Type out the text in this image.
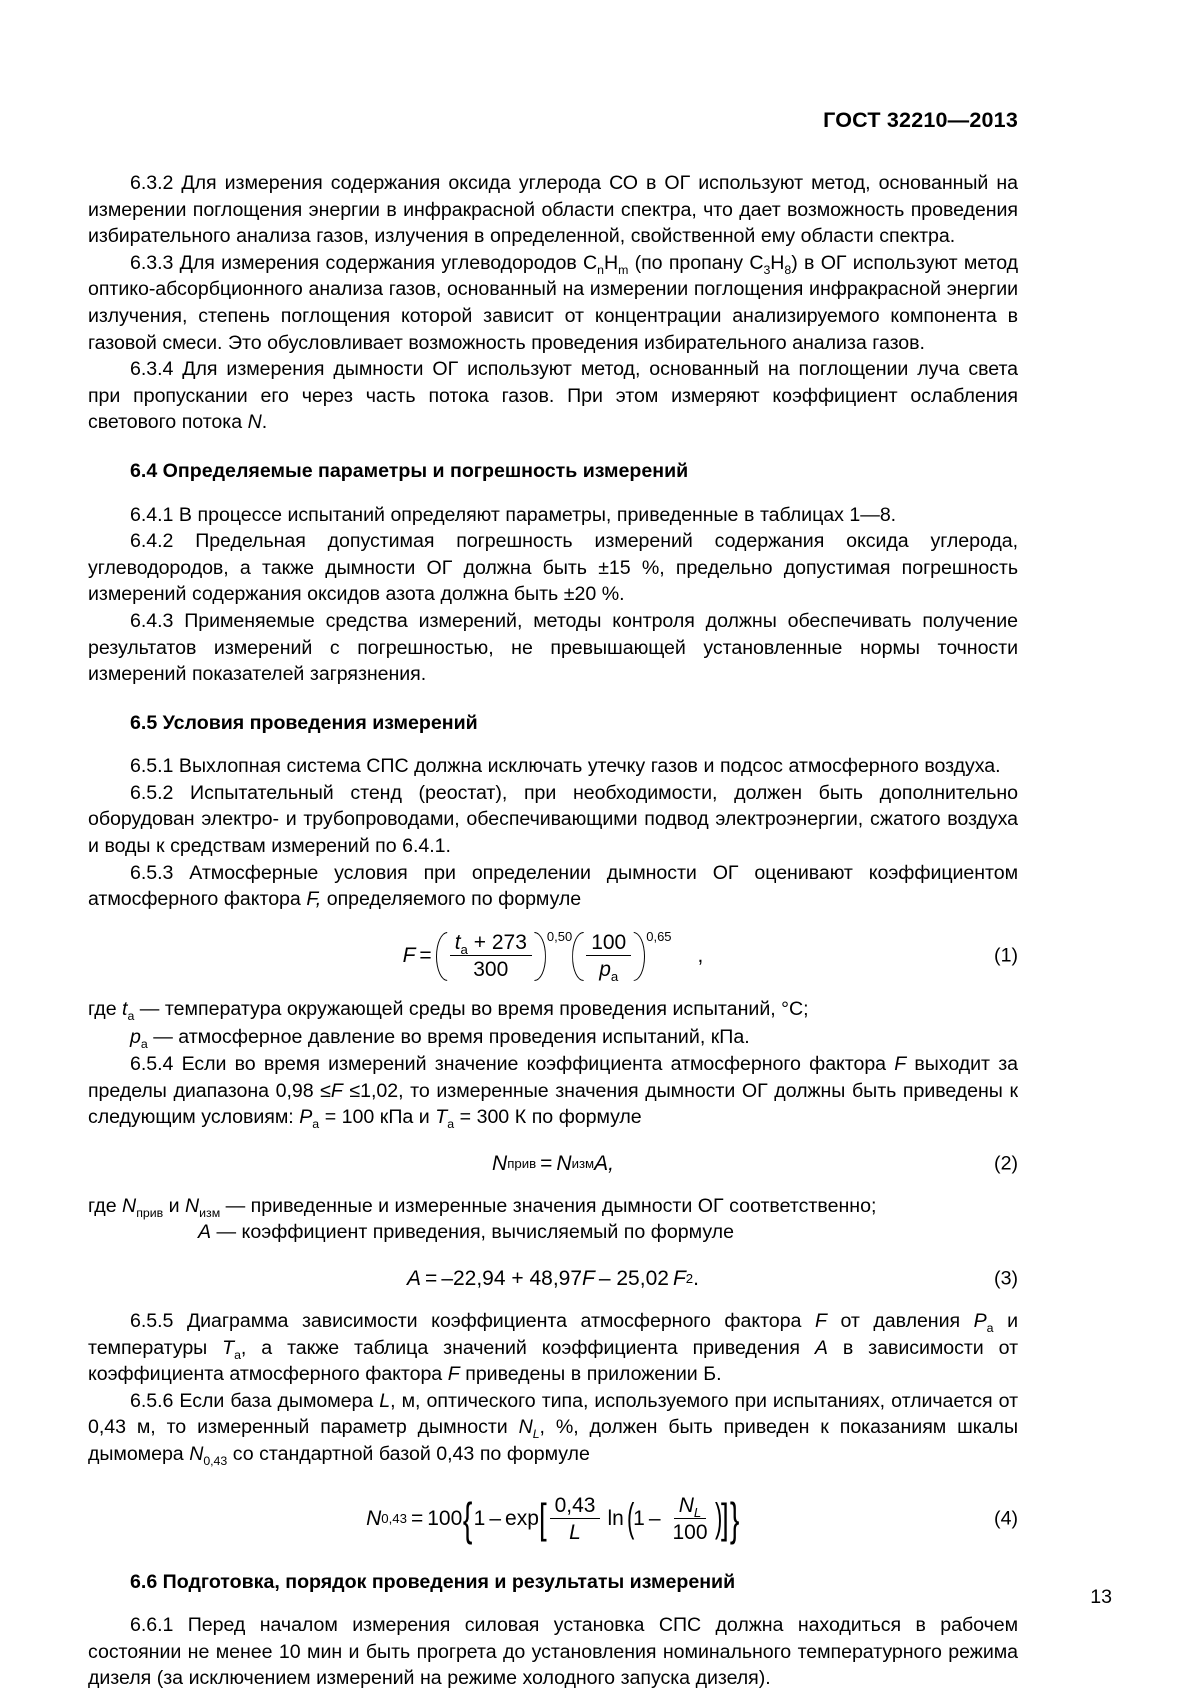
ГОСТ 32210—2013

6.3.2 Для измерения содержания оксида углерода СО в ОГ используют метод, основанный на измерении поглощения энергии в инфракрасной области спектра, что дает возможность проведения избирательного анализа газов, излучения в определенной, свойственной ему области спектра.

6.3.3 Для измерения содержания углеводородов $C_nH_m$ (по пропану $C_3H_8$) в ОГ используют метод оптико-абсорбционного анализа газов, основанный на измерении поглощения инфракрасной энергии излучения, степень поглощения которой зависит от концентрации анализируемого компонента в газовой смеси. Это обусловливает возможность проведения избирательного анализа газов.

6.3.4 Для измерения дымности ОГ используют метод, основанный на поглощении луча света при пропускании его через часть потока газов. При этом измеряют коэффициент ослабления светового потока N.

6.4 Определяемые параметры и погрешность измерений

6.4.1 В процессе испытаний определяют параметры, приведенные в таблицах 1—8.

6.4.2 Предельная допустимая погрешность измерений содержания оксида углерода, углеводородов, а также дымности ОГ должна быть ±15 %, предельно допустимая погрешность измерений содержания оксидов азота должна быть ±20 %.

6.4.3 Применяемые средства измерений, методы контроля должны обеспечивать получение результатов измерений с погрешностью, не превышающей установленные нормы точности измерений показателей загрязнения.

6.5 Условия проведения измерений

6.5.1 Выхлопная система СПС должна исключать утечку газов и подсос атмосферного воздуха.

6.5.2 Испытательный стенд (реостат), при необходимости, должен быть дополнительно оборудован электро- и трубопроводами, обеспечивающими подвод электроэнергии, сжатого воздуха и воды к средствам измерений по 6.4.1.

6.5.3 Атмосферные условия при определении дымности ОГ оценивают коэффициентом атмосферного фактора F, определяемого по формуле

$F = \frac{t_a + 273}{300} 0,50 \frac{100}{p_a} 0,65$
,	(1)

где $t_a$ — температура окружающей среды во время проведения испытаний, °С;

$p_a$ — атмосферное давление во время проведения испытаний, кПа.

6.5.4 Если во время измерений значение коэффициента атмосферного фактора F выходит за пределы диапазона 0,98 ≤F ≤1,02, то измеренные значения дымности ОГ должны быть приведены к следующим условиям: $P_a = 100$ кПа и $T_a = 300$ К по формуле

N прив = N изм A,	(2)

где $N_{прив}$ и $N_{изм}$ — приведенные и измеренные значения дымности ОГ соответственно;

A — коэффициент приведения, вычисляемый по формуле

A = –22,94 + 48,97 F – 25,02 F 2 .	(3)

6.5.5 Диаграмма зависимости коэффициента атмосферного фактора F от давления $P_a$ и температуры $T_a$, а также таблица значений коэффициента приведения A в зависимости от коэффициента атмосферного фактора F приведены в приложении Б.

6.5.6 Если база дымомера L, м, оптического типа, используемого при испытаниях, отличается от 0,43 м, то измеренный параметр дымности $N_L$, %, должен быть приведен к показаниям шкалы дымомера $N_{0,43}$ со стандартной базой 0,43 по формуле

N 0,43 = 100 { 1 – exp [ $\frac{0,43}{L}$ ln (
$1 - \frac{N_L}{100}$ )
] }	(4)
6.6 Подготовка, порядок проведения и результаты измерений

6.6.1 Перед началом измерения силовая установка СПС должна находиться в рабочем состоянии не менее 10 мин и быть прогрета до установления номинального температурного режима дизеля (за исключением измерений на режиме холодного запуска дизеля).

13
